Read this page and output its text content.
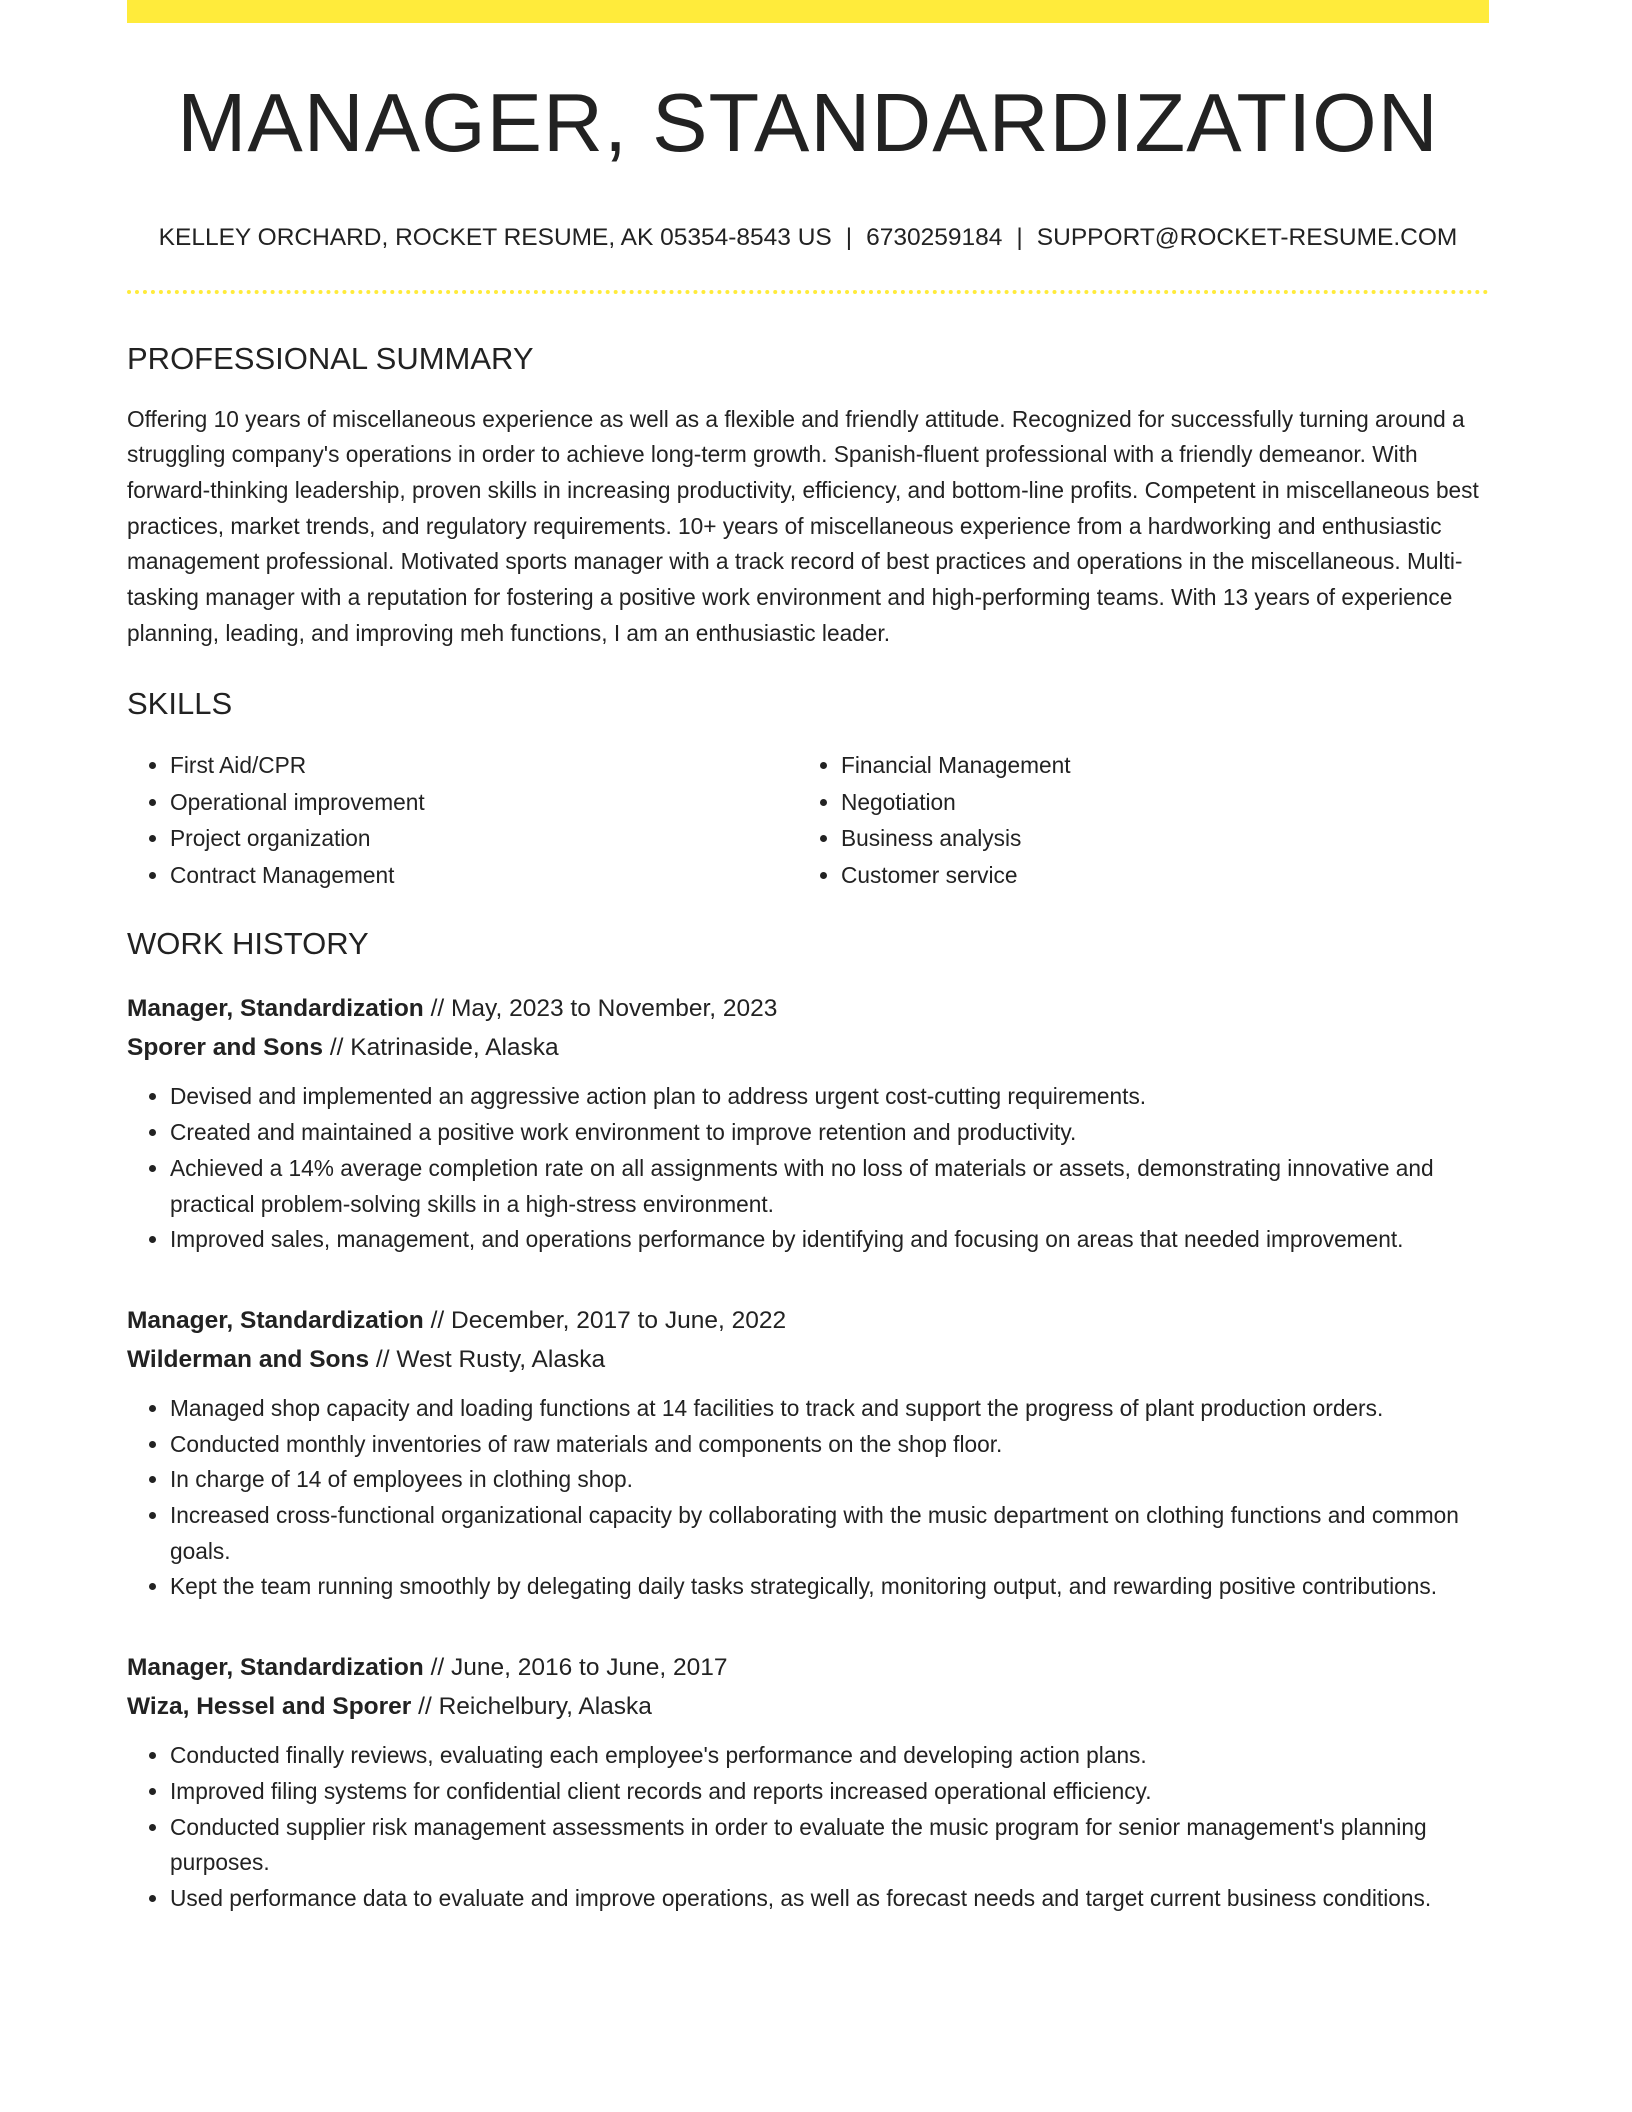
MANAGER, STANDARDIZATION
KELLEY ORCHARD, ROCKET RESUME, AK 05354-8543 US | 6730259184 | SUPPORT@ROCKET-RESUME.COM
PROFESSIONAL SUMMARY
Offering 10 years of miscellaneous experience as well as a flexible and friendly attitude. Recognized for successfully turning around a struggling company's operations in order to achieve long-term growth. Spanish-fluent professional with a friendly demeanor. With forward-thinking leadership, proven skills in increasing productivity, efficiency, and bottom-line profits. Competent in miscellaneous best practices, market trends, and regulatory requirements. 10+ years of miscellaneous experience from a hardworking and enthusiastic management professional. Motivated sports manager with a track record of best practices and operations in the miscellaneous. Multi-tasking manager with a reputation for fostering a positive work environment and high-performing teams. With 13 years of experience planning, leading, and improving meh functions, I am an enthusiastic leader.
SKILLS
• First Aid/CPR
• Operational improvement
• Project organization
• Contract Management
• Financial Management
• Negotiation
• Business analysis
• Customer service
WORK HISTORY
Manager, Standardization // May, 2023 to November, 2023
Sporer and Sons // Katrinaside, Alaska
• Devised and implemented an aggressive action plan to address urgent cost-cutting requirements.
• Created and maintained a positive work environment to improve retention and productivity.
• Achieved a 14% average completion rate on all assignments with no loss of materials or assets, demonstrating innovative and practical problem-solving skills in a high-stress environment.
• Improved sales, management, and operations performance by identifying and focusing on areas that needed improvement.
Manager, Standardization // December, 2017 to June, 2022
Wilderman and Sons // West Rusty, Alaska
• Managed shop capacity and loading functions at 14 facilities to track and support the progress of plant production orders.
• Conducted monthly inventories of raw materials and components on the shop floor.
• In charge of 14 of employees in clothing shop.
• Increased cross-functional organizational capacity by collaborating with the music department on clothing functions and common goals.
• Kept the team running smoothly by delegating daily tasks strategically, monitoring output, and rewarding positive contributions.
Manager, Standardization // June, 2016 to June, 2017
Wiza, Hessel and Sporer // Reichelbury, Alaska
• Conducted finally reviews, evaluating each employee's performance and developing action plans.
• Improved filing systems for confidential client records and reports increased operational efficiency.
• Conducted supplier risk management assessments in order to evaluate the music program for senior management's planning purposes.
• Used performance data to evaluate and improve operations, as well as forecast needs and target current business conditions.
